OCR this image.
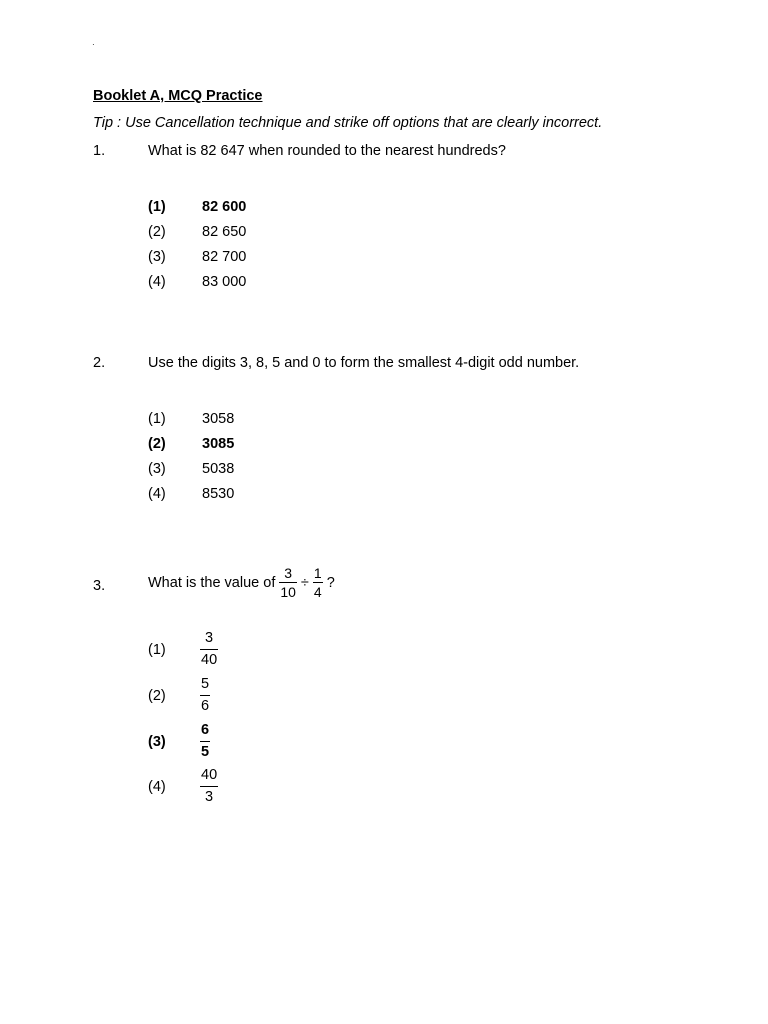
·
Booklet A, MCQ Practice
Tip : Use Cancellation technique and strike off options that are clearly incorrect.
1.	What is 82 647 when rounded to the nearest hundreds?
(1)	82 600
(2)	82 650
(3)	82 700
(4)	83 000
2.	Use the digits 3, 8, 5 and 0 to form the smallest 4-digit odd number.
(1)	3058
(2)	3085
(3)	5038
(4)	8530
3.	What is the value of $\frac{3}{10} \div \frac{1}{4}$ ?
$(1) \frac{3}{40}$
$(2) \frac{5}{6}$
$(3) \frac{6}{5}$
$(4) \frac{40}{3}$
